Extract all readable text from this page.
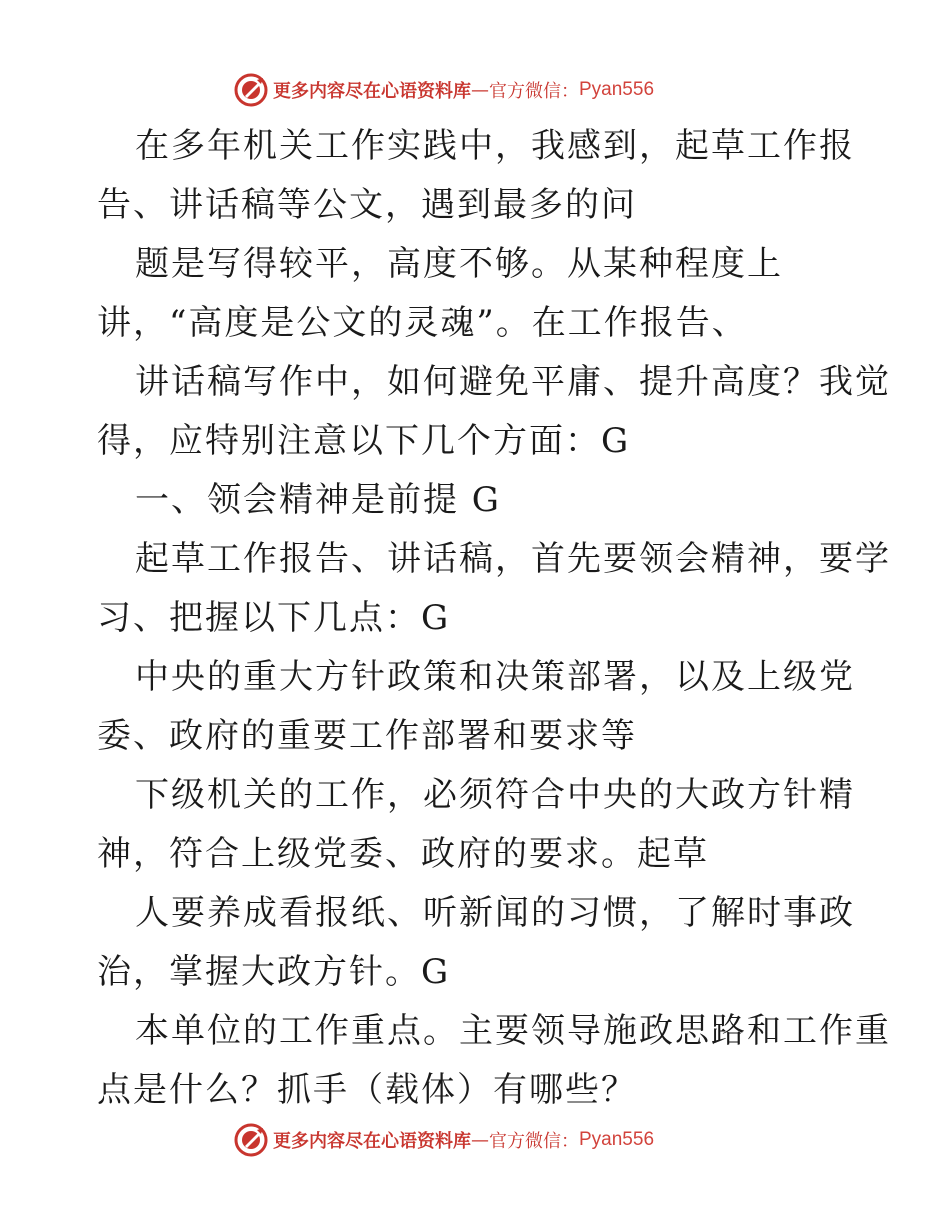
更多内容尽在心语资料库 — 官方微信： Pyan556
在多年机关工作实践中，我感到，起草工作报
告、讲话稿等公文，遇到最多的问
题是写得较平，高度不够。从某种程度上
讲，“高度是公文的灵魂”。在工作报告、
讲话稿写作中，如何避免平庸、提升高度？我觉
得，应特别注意以下几个方面：G
一、领会精神是前提 G
起草工作报告、讲话稿，首先要领会精神，要学
习、把握以下几点：G
中央的重大方针政策和决策部署，以及上级党
委、政府的重要工作部署和要求等
下级机关的工作，必须符合中央的大政方针精
神，符合上级党委、政府的要求。起草
人要养成看报纸、听新闻的习惯，了解时事政
治，掌握大政方针。G
本单位的工作重点。主要领导施政思路和工作重
点是什么？抓手（载体）有哪些？
更多内容尽在心语资料库 — 官方微信： Pyan556
